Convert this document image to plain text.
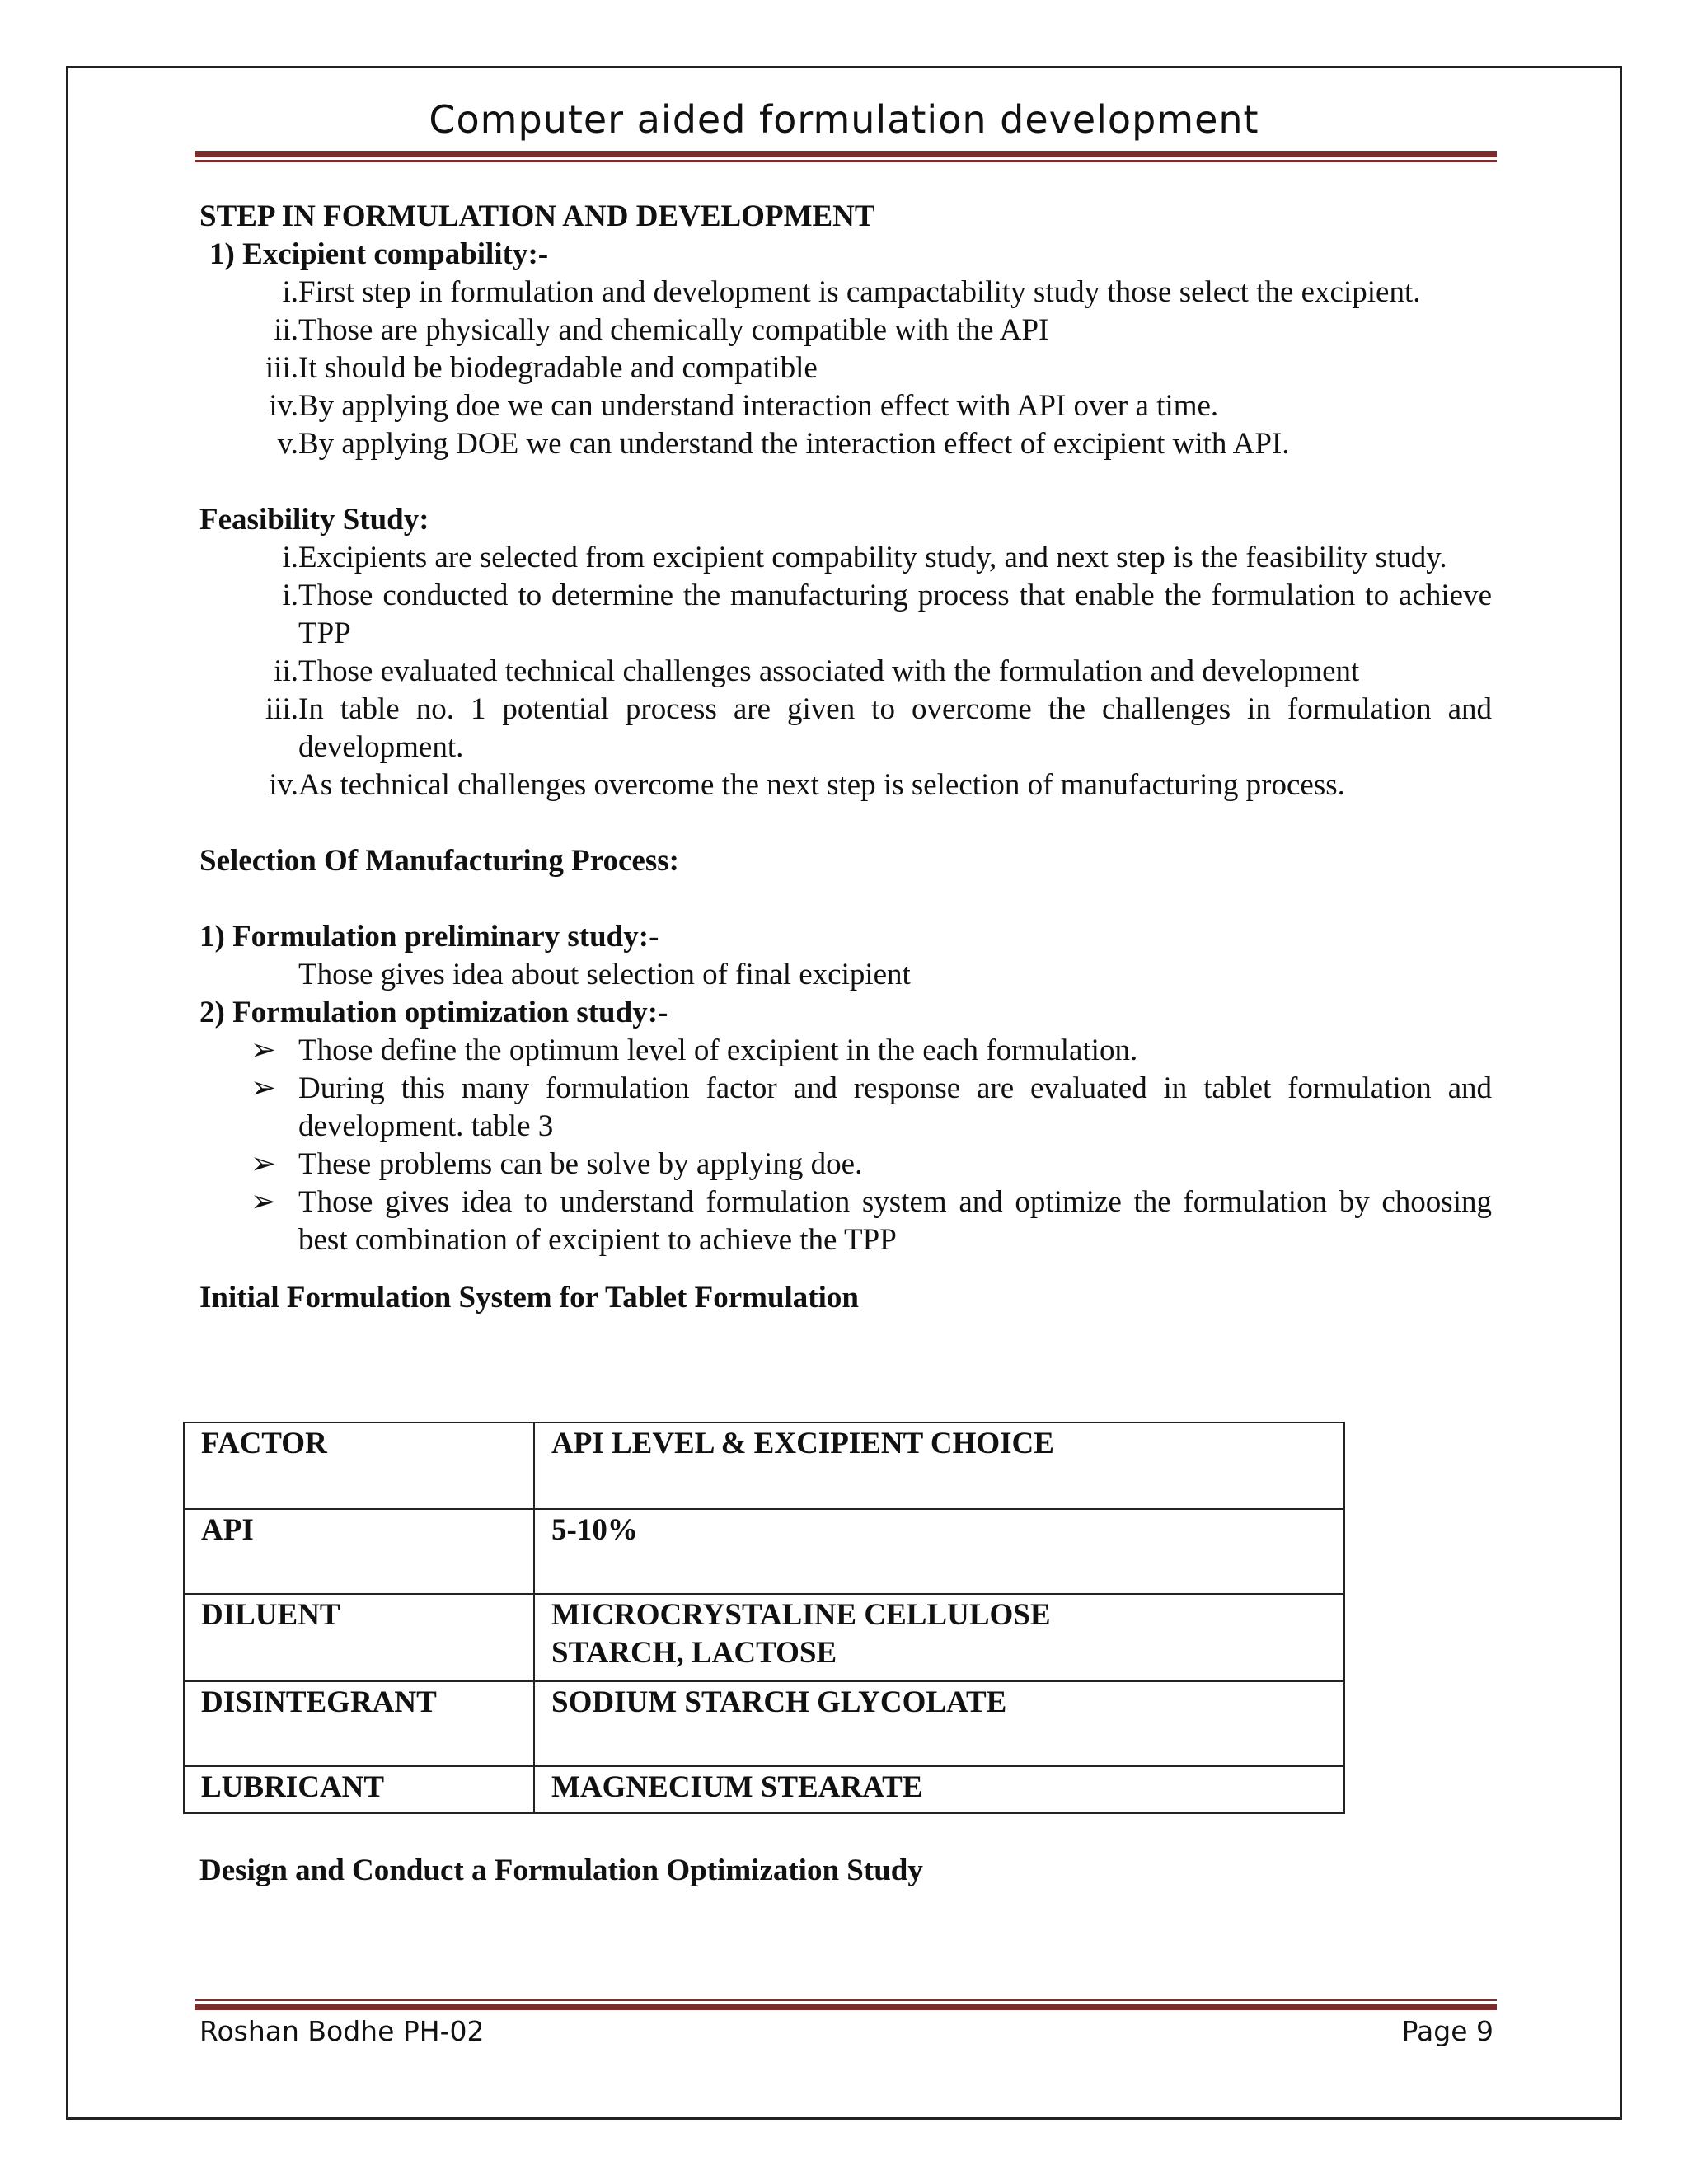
Computer aided formulation development

STEP IN FORMULATION AND DEVELOPMENT

1) Excipient compability:-

i. First step in formulation and development is campactability study those select the excipient.
ii. Those are physically and chemically compatible with the API
iii. It should be biodegradable and compatible
iv. By applying doe we can understand interaction effect with API over a time.
v. By applying DOE we can understand the interaction effect of excipient with API.

Feasibility Study:

i. Excipients are selected from excipient compability study, and next step is the feasibility study.
i. Those conducted to determine the manufacturing process that enable the formulation to achieve TPP
ii. Those evaluated technical challenges associated with the formulation and development
iii. In table no. 1 potential process are given to overcome the challenges in formulation and development.
iv. As technical challenges overcome the next step is selection of manufacturing process.

Selection Of Manufacturing Process:

1) Formulation preliminary study:-

Those gives idea about selection of final excipient

2) Formulation optimization study:-

➢ Those define the optimum level of excipient in the each formulation.
➢ During this many formulation factor and response are evaluated in tablet formulation and development. table 3
➢ These problems can be solve by applying doe.
➢ Those gives idea to understand formulation system and optimize the formulation by choosing best combination of excipient to achieve the TPP

Initial Formulation System for Tablet Formulation

FACTOR	API LEVEL & EXCIPIENT CHOICE
API	5-10%
DILUENT	MICROCRYSTALINE CELLULOSE STARCH, LACTOSE
DISINTEGRANT	SODIUM STARCH GLYCOLATE
LUBRICANT	MAGNECIUM STEARATE
Design and Conduct a Formulation Optimization Study
Roshan Bodhe PH-02	Page 9
